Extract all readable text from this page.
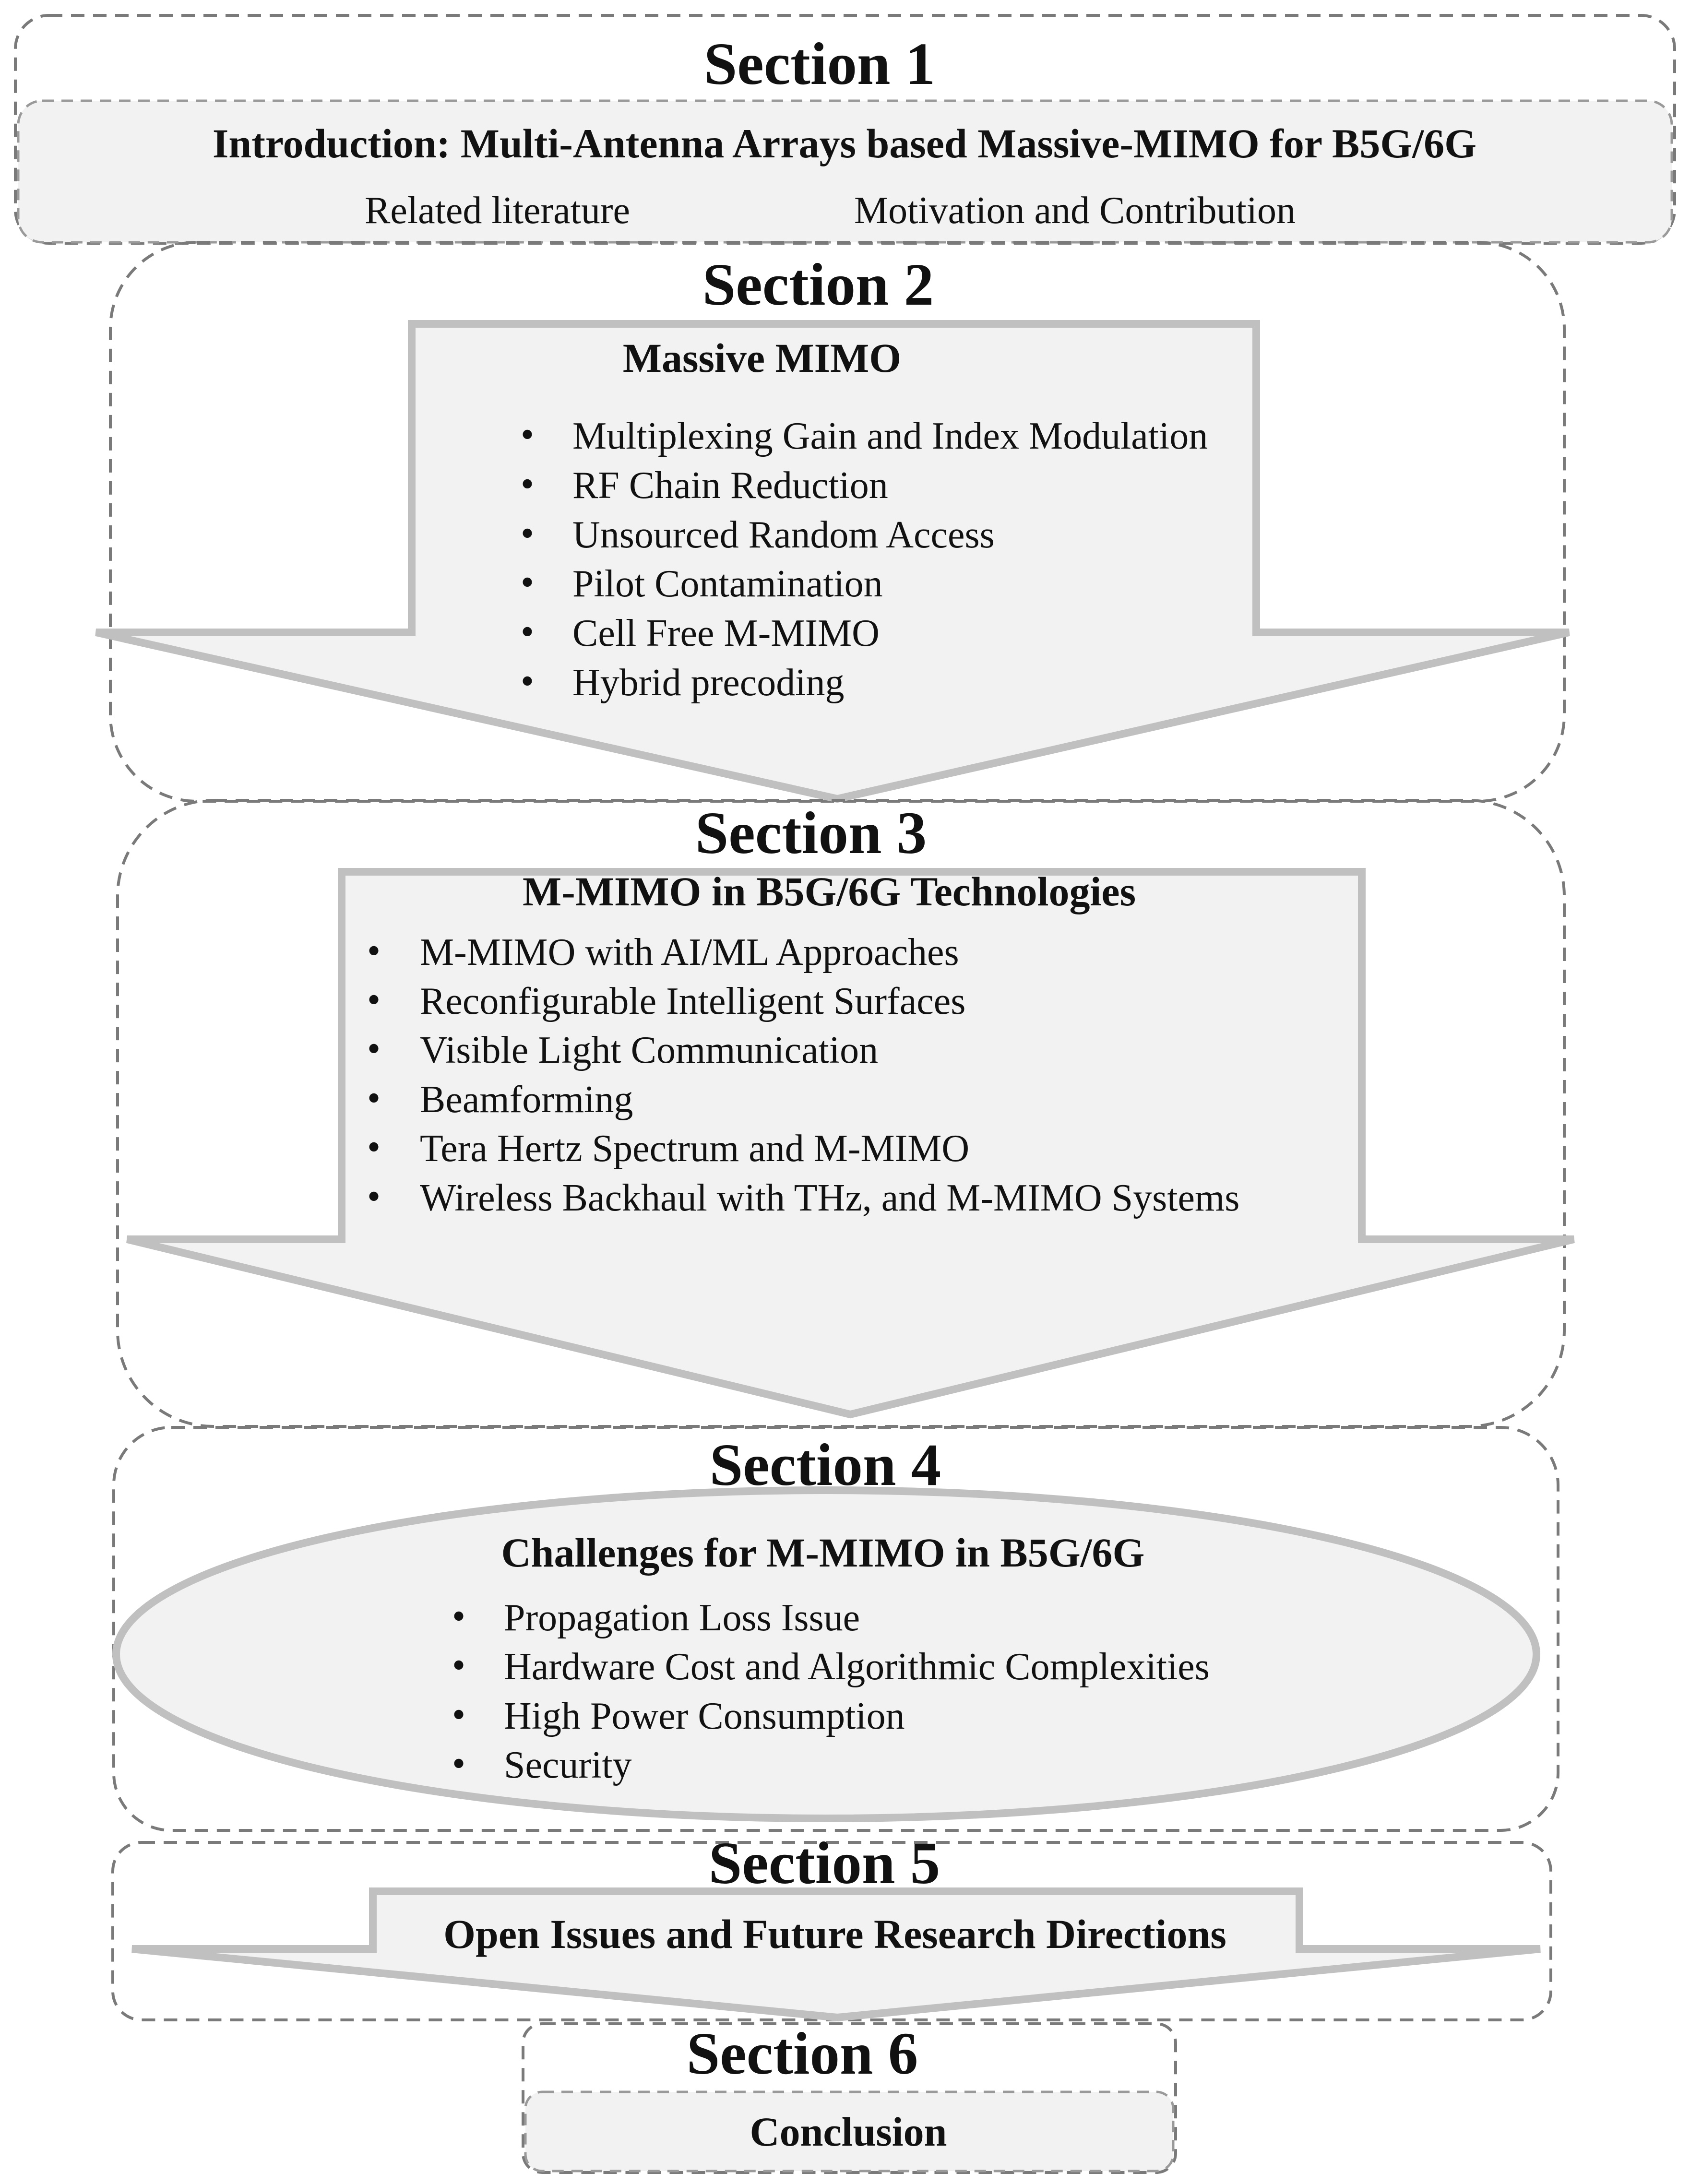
Section 1
Introduction: Multi-Antenna Arrays based Massive-MIMO for B5G/6G
Related literature	Motivation and Contribution
Section 2
Massive MIMO
• Multiplexing Gain and Index Modulation
• RF Chain Reduction
• Unsourced Random Access
• Pilot Contamination
• Cell Free M-MIMO
• Hybrid precoding
Section 3
M-MIMO in B5G/6G Technologies
• M-MIMO with AI/ML Approaches
• Reconfigurable Intelligent Surfaces
• Visible Light Communication
• Beamforming
• Tera Hertz Spectrum and M-MIMO
• Wireless Backhaul with THz, and M-MIMO Systems
Section 4
Challenges for M-MIMO in B5G/6G
• Propagation Loss Issue
• Hardware Cost and Algorithmic Complexities
• High Power Consumption
• Security
Section 5
Open Issues and Future Research Directions
Section 6
Conclusion
